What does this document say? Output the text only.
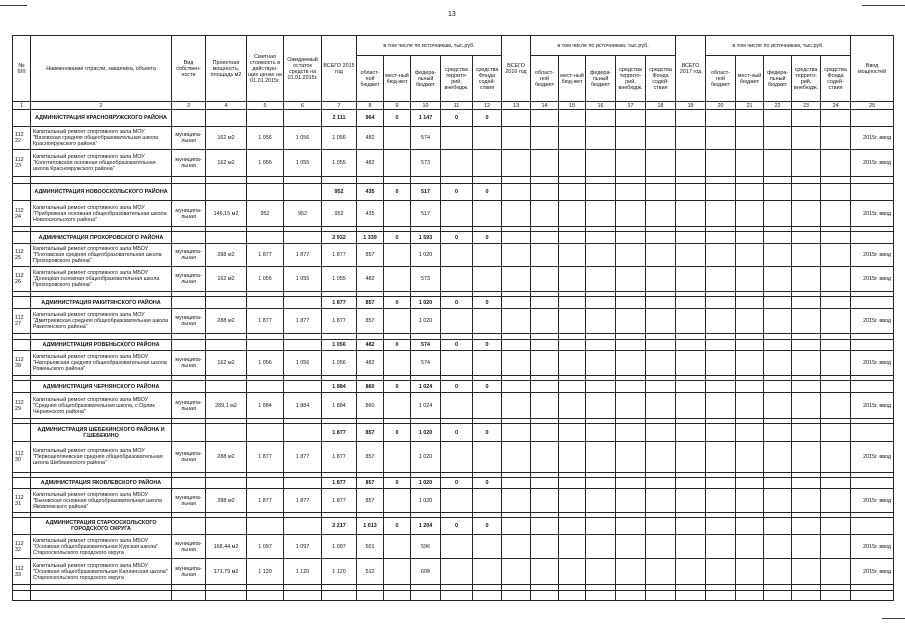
13
№ п/п	Наименование отрасли, заказчика, объекта	Вид собствен-ности	Проектная мощность, площадь м2	Сметная стоимость в действую-щих ценах на 01.01.2015г.	Ожидаемый остаток средств на 01.01.2015г.	ВСЕГО 2015 год	в том числе по источникам, тыс.руб.					ВСЕГО 2016 год	в том числе по источникам, тыс.руб.					ВСЕГО 2017 год	в том числе по источникам, тыс.руб.					Ввод мощностей
							област-ной бюджет	мест-ный бюд-жет	федера-льный бюджет	средства террито-рий, внебюдж.	средства Фонда содей-ствия		област-ной бюджет	мест-ный бюд-жет	федера-льный бюджет	средства террито-рий, внебюдж.	средства Фонда содей-ствия		област-ной бюджет	мест-ный бюджет	федера-льный бюджет	средства террито-рий, внебюдж.	средства Фонда содей-ствия	
1	2	3	4	5	6	7	8	9	10	11	12	13	14	15	16	17	18	19	20	21	22	23	24	25
	АДМИНИСТРАЦИЯ КРАСНОЯРУЖСКОГО РАЙОНА					2 111	964	0	1 147	0	0													

112
22	Капитальный ремонт спортивного зала МОУ "Вязовская средняя общеобразовательная школа Краснояружского района"	муниципа-льная	162 м2	1 056	1 056	1 056	482		574															2015г. ввод

112
23	Капитальный ремонт спортивного зала МОУ "Колотиловская основная общеобразовательная школа Краснояружского района"	муниципа-льная	162 м2	1 055	1 055	1 055	482		573															2015г. ввод

	АДМИНИСТРАЦИЯ НОВООСКОЛЬСКОГО РАЙОНА					952	435	0	517	0	0													

112
24	Капитальный ремонт спортивного зала МОУ "Прибрежная основная общеобразовательная школа Новооскольского района"	муниципа-льная	146,15 м2	952	952	952	435		517															2015г. ввод

	АДМИНИСТРАЦИЯ ПРОХОРОВСКОГО РАЙОНА					2 932	1 339	0	1 593	0	0													

112
25	Капитальный ремонт спортивного зала МБОУ "Плотавская средняя общеобразовательная школа Прохоровского района"	муниципа-льная	288 м2	1 877	1 877	1 877	857		1 020															2015г. ввод

112
26	Капитальный ремонт спортивного зала МБОУ "Донецкая основная общеобразовательная школа Прохоровского района"	муниципа-льная	162 м2	1 055	1 055	1 055	482		573															2015г. ввод

	АДМИНИСТРАЦИЯ РАКИТЯНСКОГО РАЙОНА					1 877	857	0	1 020	0	0													

112
27	Капитальный ремонт спортивного зала МОУ "Дмитриевская средняя общеобразовательная школа Ракитянского района"	муниципа-льная	288 м2	1 877	1 877	1 877	857		1 020															2015г. ввод

	АДМИНИСТРАЦИЯ РОВЕНЬСКОГО РАЙОНА					1 056	482	0	574	0	0													

112
28	Капитальный ремонт спортивного зала МБОУ "Нагорьевская средняя общеобразовательная школа Ровеньского района"	муниципа-льная	162 м2	1 056	1 056	1 056	482		574															2015г. ввод

	АДМИНИСТРАЦИЯ ЧЕРНЯНСКОГО РАЙОНА					1 884	860	0	1 024	0	0													

112
29	Капитальный ремонт спортивного зала МБОУ "Средняя общеобразовательная школа, с.Орлик Чернянского района"	муниципа-льная	289,1 м2	1 884	1 884	1 884	860		1 024															2015г. ввод

	АДМИНИСТРАЦИЯ ШЕБЕКИНСКОГО РАЙОНА И Г.ШЕБЕКИНО					1 877	857	0	1 020	0	0													

112
30	Капитальный ремонт спортивного зала МОУ "Первоцепляевская средняя общеобразовательная школа Шебекинского района"	муниципа-льная	288 м2	1 877	1 877	1 877	857		1 020															2015г. ввод

	АДМИНИСТРАЦИЯ ЯКОВЛЕВСКОГО РАЙОНА					1 877	857	0	1 020	0	0													

112
31	Капитальный ремонт спортивного зала МБОУ "Быковская основная общеобразовательная школа Яковлевского района"	муниципа-льная	288 м2	1 877	1 877	1 877	857		1 020															2015г. ввод

	АДМИНИСТРАЦИЯ СТАРООСКОЛЬСКОГО ГОРОДСКОГО ОКРУГА					2 217	1 013	0	1 204	0	0													

112
32	Капитальный ремонт спортивного зала МБОУ "Основная общеобразовательная Курская школа" Старооскольского городского округа	муниципа-льная	168,44 м2	1 097	1 097	1 097	501		596															2015г. ввод

112
33	Капитальный ремонт спортивного зала МБОУ "Основная общеобразовательная Каплинская школа" Старооскольского городского округа	муниципа-льная	171,79 м2	1 120	1 120	1 120	512		608															2015г. ввод
